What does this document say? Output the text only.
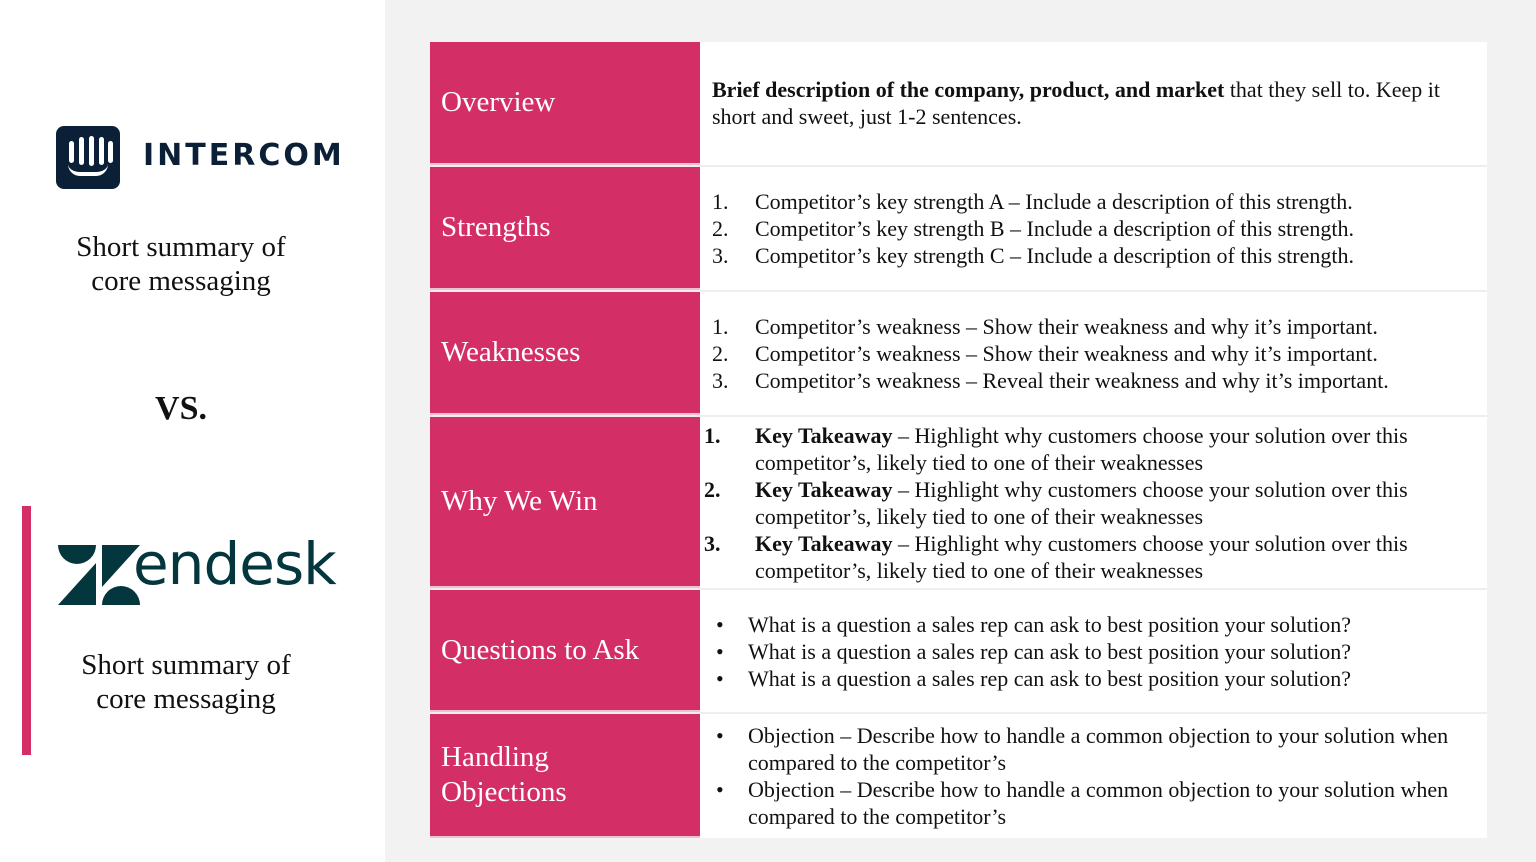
INTERCOM
Short summary of core messaging
VS.
endesk
Short summary of core messaging
Overview	Brief description of the company, product, and market that they sell to. Keep it short and sweet, just 1-2 sentences.
Strengths
1.	Competitor’s key strength A – Include a description of this strength.
2.	Competitor’s key strength B – Include a description of this strength.
3.	Competitor’s key strength C – Include a description of this strength.
Weaknesses
1.	Competitor’s weakness – Show their weakness and why it’s important.
2.	Competitor’s weakness – Show their weakness and why it’s important.
3.	Competitor’s weakness – Reveal their weakness and why it’s important.
Why We Win
1.	Key Takeaway – Highlight why customers choose your solution over this competitor’s, likely tied to one of their weaknesses
2.	Key Takeaway – Highlight why customers choose your solution over this competitor’s, likely tied to one of their weaknesses
3.	Key Takeaway – Highlight why customers choose your solution over this competitor’s, likely tied to one of their weaknesses
Questions to Ask
•	What is a question a sales rep can ask to best position your solution?
•	What is a question a sales rep can ask to best position your solution?
•	What is a question a sales rep can ask to best position your solution?
Handling Objections
•	Objection – Describe how to handle a common objection to your solution when compared to the competitor’s
•	Objection – Describe how to handle a common objection to your solution when compared to the competitor’s
